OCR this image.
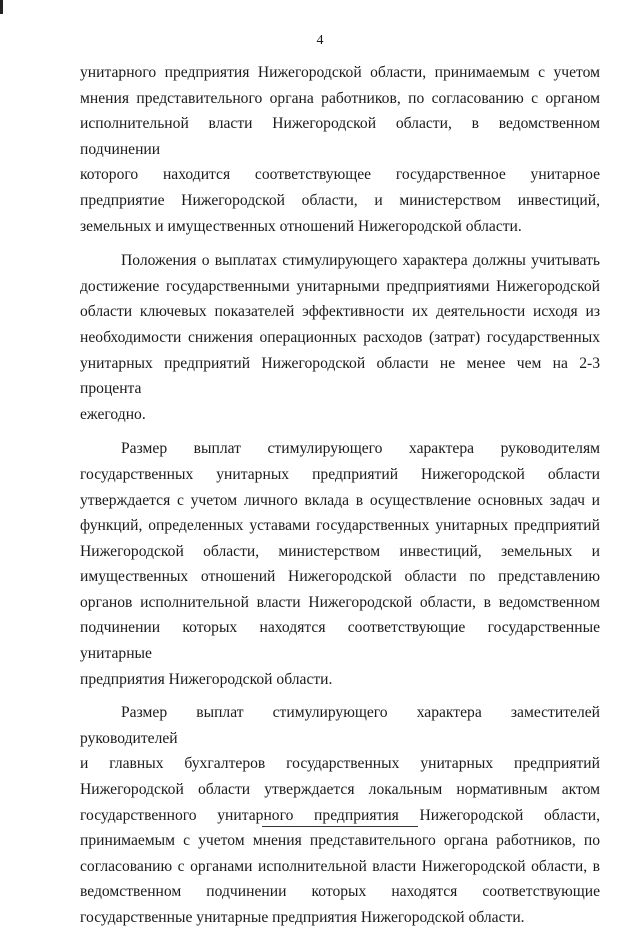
4

унитарного предприятия Нижегородской области, принимаемым с учетом

мнения представительного органа работников, по согласованию с органом

исполнительной власти Нижегородской области, в ведомственном подчинении

которого находится соответствующее государственное унитарное

предприятие Нижегородской области, и министерством инвестиций,

земельных и имущественных отношений Нижегородской области.

Положения о выплатах стимулирующего характера должны учитывать

достижение государственными унитарными предприятиями Нижегородской

области ключевых показателей эффективности их деятельности исходя из

необходимости снижения операционных расходов (затрат) государственных

унитарных предприятий Нижегородской области не менее чем на 2-3 процента

ежегодно.

Размер выплат стимулирующего характера руководителям

государственных унитарных предприятий Нижегородской области

утверждается с учетом личного вклада в осуществление основных задач и

функций, определенных уставами государственных унитарных предприятий

Нижегородской области, министерством инвестиций, земельных и

имущественных отношений Нижегородской области по представлению

органов исполнительной власти Нижегородской области, в ведомственном

подчинении которых находятся соответствующие государственные унитарные

предприятия Нижегородской области.

Размер выплат стимулирующего характера заместителей руководителей

и главных бухгалтеров государственных унитарных предприятий

Нижегородской области утверждается локальным нормативным актом

государственного унитарного предприятия Нижегородской области,

принимаемым с учетом мнения представительного органа работников, по

согласованию с органами исполнительной власти Нижегородской области, в

ведомственном подчинении которых находятся соответствующие

государственные унитарные предприятия Нижегородской области.
